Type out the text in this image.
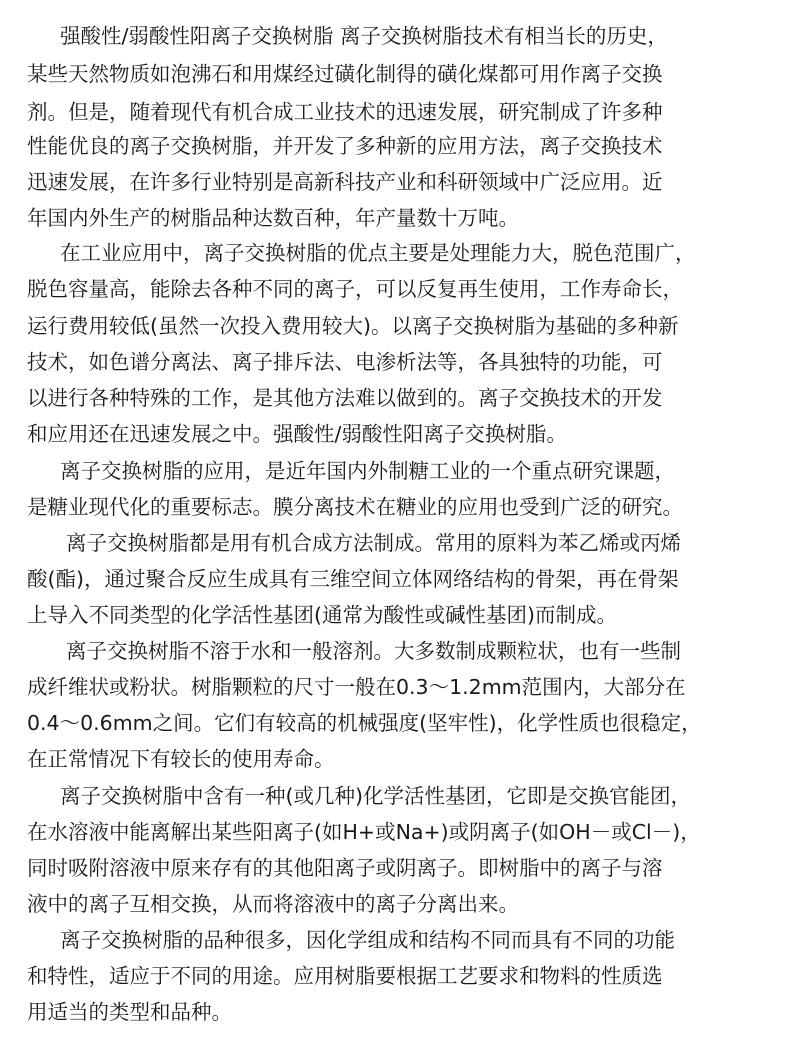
强酸性/弱酸性阳离子交换树脂 离子交换树脂技术有相当长的历史，
某些天然物质如泡沸石和用煤经过磺化制得的磺化煤都可用作离子交换
剂。但是，随着现代有机合成工业技术的迅速发展，研究制成了许多种
性能优良的离子交换树脂，并开发了多种新的应用方法，离子交换技术
迅速发展，在许多行业特别是高新科技产业和科研领域中广泛应用。近
年国内外生产的树脂品种达数百种，年产量数十万吨。
在工业应用中，离子交换树脂的优点主要是处理能力大，脱色范围广，
脱色容量高，能除去各种不同的离子，可以反复再生使用，工作寿命长，
运行费用较低(虽然一次投入费用较大)。以离子交换树脂为基础的多种新
技术，如色谱分离法、离子排斥法、电渗析法等，各具独特的功能，可
以进行各种特殊的工作，是其他方法难以做到的。离子交换技术的开发
和应用还在迅速发展之中。强酸性/弱酸性阳离子交换树脂。
离子交换树脂的应用，是近年国内外制糖工业的一个重点研究课题，
是糖业现代化的重要标志。膜分离技术在糖业的应用也受到广泛的研究。
离子交换树脂都是用有机合成方法制成。常用的原料为苯乙烯或丙烯
酸(酯)，通过聚合反应生成具有三维空间立体网络结构的骨架，再在骨架
上导入不同类型的化学活性基团(通常为酸性或碱性基团)而制成。
离子交换树脂不溶于水和一般溶剂。大多数制成颗粒状，也有一些制
成纤维状或粉状。树脂颗粒的尺寸一般在0.3～1.2mm范围内，大部分在
0.4～0.6mm之间。它们有较高的机械强度(坚牢性)，化学性质也很稳定，
在正常情况下有较长的使用寿命。
离子交换树脂中含有一种(或几种)化学活性基团，它即是交换官能团，
在水溶液中能离解出某些阳离子(如H+或Na+)或阴离子(如OH－或Cl－)，
同时吸附溶液中原来存有的其他阳离子或阴离子。即树脂中的离子与溶
液中的离子互相交换，从而将溶液中的离子分离出来。
离子交换树脂的品种很多，因化学组成和结构不同而具有不同的功能
和特性，适应于不同的用途。应用树脂要根据工艺要求和物料的性质选
用适当的类型和品种。
